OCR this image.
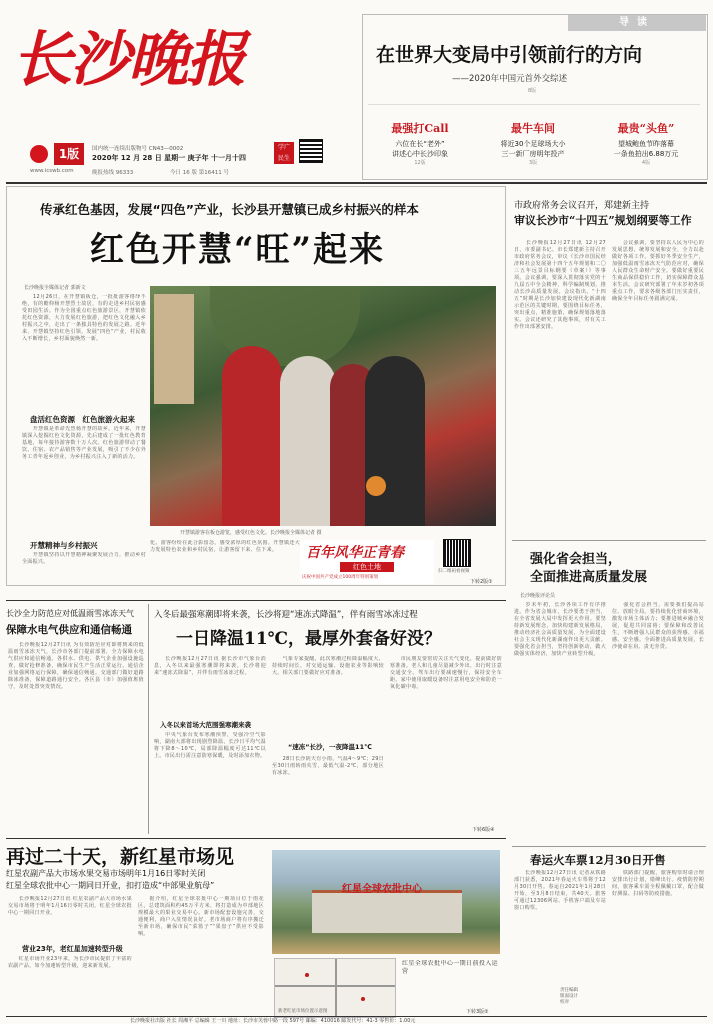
长沙晚报
1版	国内统一连续出版物号 CN43—0002
2020年 12 月 28 日 星期一 庚子年 十一月十四
学广
民生
www.icswb.com	晚报热线 96333	今日 16 版 第16411 号
导读
在世界大变局中引领前行的方向
——2020年中国元首外交综述
8版
最强打Call
六位在长“老外”
讲述心中长沙印象
12版
最牛车间
将近30个足球场大小
三一新厂房明年投产
3版
最贵“头鱼”
望城鲍鱼节昨落幕
一条鱼拍出6.88万元
4版
传承红色基因，发展“四色”产业，长沙县开慧镇已成乡村振兴的样本
红色开慧“旺”起来
长沙晚报全媒体记者 郭新文

　　12月26日，在开慧镇板仓，一批批游客络绎不绝，有的瞻仰杨开慧烈士故居，有的走进乡村民宿感受田园生活。作为全国重点红色旅游景区，开慧镇依托红色资源，大力发展红色旅游，把红色文化融入乡村振兴之中，走出了一条独具特色的发展之路。近年来，开慧镇坚持红色引领，发展“四色”产业，村民收入不断增长，乡村面貌焕然一新。

盘活红色资源　红色旅游火起来

　　开慧镇是革命先烈杨开慧的故乡。近年来，开慧镇深入挖掘红色文化资源，先后建成了一批红色教育基地，每年接待游客数十万人次。红色旅游带动了餐饮、住宿、农产品销售等产业发展，吸引了不少在外务工青年返乡创业，为乡村振兴注入了新的活力。

开慧精神与乡村振兴

　　开慧镇坚持以开慧精神凝聚发展合力，推动乡村全面振兴。

开慧镇游客在板仓游览，感受红色文化。长沙晚报全媒体记者 摄

化。游客纷纷在此合影留念，感受浓厚的红色氛围。开慧镇还大力发展特色农业和乡村民宿，让游客留下来、住下来。	百年风华正青春
红色土地
庆祝中国共产党成立100周年特别策划
扫二维码看视频
下转2版①
市政府常务会议召开，郑建新主持
审议长沙市“十四五”规划纲要等工作

　　长沙晚报12月27日讯 12月27日，市委副书记、市长郑建新主持召开市政府常务会议，审议《长沙市国民经济和社会发展第十四个五年规划和二〇三五年远景目标纲要（草案）》等事项。会议强调，要深入贯彻落实党的十九届五中全会精神，科学编制规划，推动长沙高质量发展。会议指出，“十四五”时期是长沙加快建设现代化新湖南示范区的关键时期，要围绕目标任务，突出重点，精准施策，确保规划落地落实。会议还研究了其他事项，对有关工作作出部署安排。

　　会议强调，要坚持以人民为中心的发展思想，统筹发展和安全，全力以赴做好各项工作。要抓好冬季安全生产，加强低温雨雪冰冻天气防范应对，确保人民群众生命财产安全。要做好重要民生商品保供稳价工作，切实保障群众基本生活。会议研究部署了年末岁初各项重点工作，要求各级各部门压实责任，确保全年目标任务圆满完成。

强化省会担当，
全面推进高质量发展
长沙晚报评论员

　　岁末年初，长沙各项工作有序推进。作为省会城市，长沙要勇于担当，在全省发展大局中发挥更大作用。要坚持新发展理念，加快构建新发展格局，推动经济社会高质量发展，为全面建设社会主义现代化新湖南作出更大贡献。要强化省会担当，坚持创新驱动，做大做强实体经济，加快产业转型升级。

　　强化省会担当，需要我们提高站位、放眼全局。要持续优化营商环境，激发市场主体活力；要推进城乡融合发展，促进共同富裕；要保障和改善民生，不断增强人民群众的获得感、幸福感、安全感。全面推进高质量发展，长沙使命在肩、责无旁贷。

长沙全力防范应对低温雨雪冰冻天气
保障水电气供应和通信畅通

　　长沙晚报12月27日讯 为有效防范应对即将到来的低温雨雪冰冻天气，长沙市各部门提前部署，全力保障水电气供应和通信畅通。各供水、供电、供气企业加强设施巡查，做好抢修准备，确保市民生产生活正常运行。通信企业加强网络运行保障，确保通信畅通。交通部门做好道路除冰准备，保障道路通行安全。各区县（市）加强值班值守，及时处置突发情况。

入冬后最强寒潮即将来袭，长沙将迎“速冻式降温”，伴有雨雪冰冻过程
一日降温11℃，最厚外套备好没？

　　长沙晚报12月27日讯 据长沙市气象台消息，入冬以来最强寒潮即将来袭，长沙将迎来“速冻式降温”，并伴有雨雪冰冻过程。

入冬以来首场大范围强寒潮来袭

　　中央气象台发布寒潮预警，受强冷空气影响，湖南大部将出现剧烈降温，长沙日平均气温将下降8～10℃，局部降温幅度可达11℃以上。市民出行需注意防寒保暖，及时添加衣物。

　　气象专家提醒，此次寒潮过程降温幅度大、持续时间长，对交通运输、设施农业等影响较大。相关部门要做好应对准备。

“速冻”长沙，一夜降温11℃

　　28日长沙阴天有小雨，气温4～9℃；29日至30日雨转雨夹雪，最低气温-2℃，部分地区有冰冻。

　　市民朋友要密切关注天气变化，提前做好防寒准备。老人和儿童尽量减少外出，出行时注意交通安全。驾车出行要减速慢行，保持安全车距。家中使用取暖设备时注意用电安全和防范一氧化碳中毒。

下转6版④
再过二十天，新红星市场见
红星农副产品大市场水果交易市场明年1月16日零时关闭
红星全球农批中心一期同日开业，扣打造成“中部果业航母”

　　长沙晚报12月27日讯 红星农副产品大市场水果交易市场将于明年1月16日零时关闭，红星全球农批中心一期同日开业。

营业23年，老红星加速转型升级

　　红星市场开业23年来，为长沙市民提供了丰富的农副产品，如今加速转型升级，迎来新发展。

　　据介绍，红星全球农批中心一期项目位于雨花区，总建筑面积约45万平方米，将打造成为中部地区规模最大的果业交易中心。新市场配套设施完善，交通便利，商户入驻情况良好。老市场商户将有序搬迁至新市场，确保市民“菜篮子”“果盘子”供应不受影响。

红星全球农批中心
新老红星市场位置示意图
红星全球农批中心一期日前投入运营
下转3版②
春运火车票12月30日开售

　　长沙晚报12月27日讯 记者从铁路部门获悉，2021年春运火车票将于12月30日开售。春运自2021年1月28日开始，至3月8日结束，共40天。旅客可通过12306网站、手机客户端及车站窗口购票。

　　铁路部门提醒，旅客购票时请合理安排出行计划，错峰出行。疫情防控期间，旅客乘车需全程佩戴口罩，配合做好测温、扫码等防疫措施。

责任编辑
版面设计
校对
长沙晚报社出版 社长 周湘平 总编辑 王一川 地址：长沙市芙蓉中路一段 597号 邮编：410016 邮发代号：41-3 零售价：1.00元
